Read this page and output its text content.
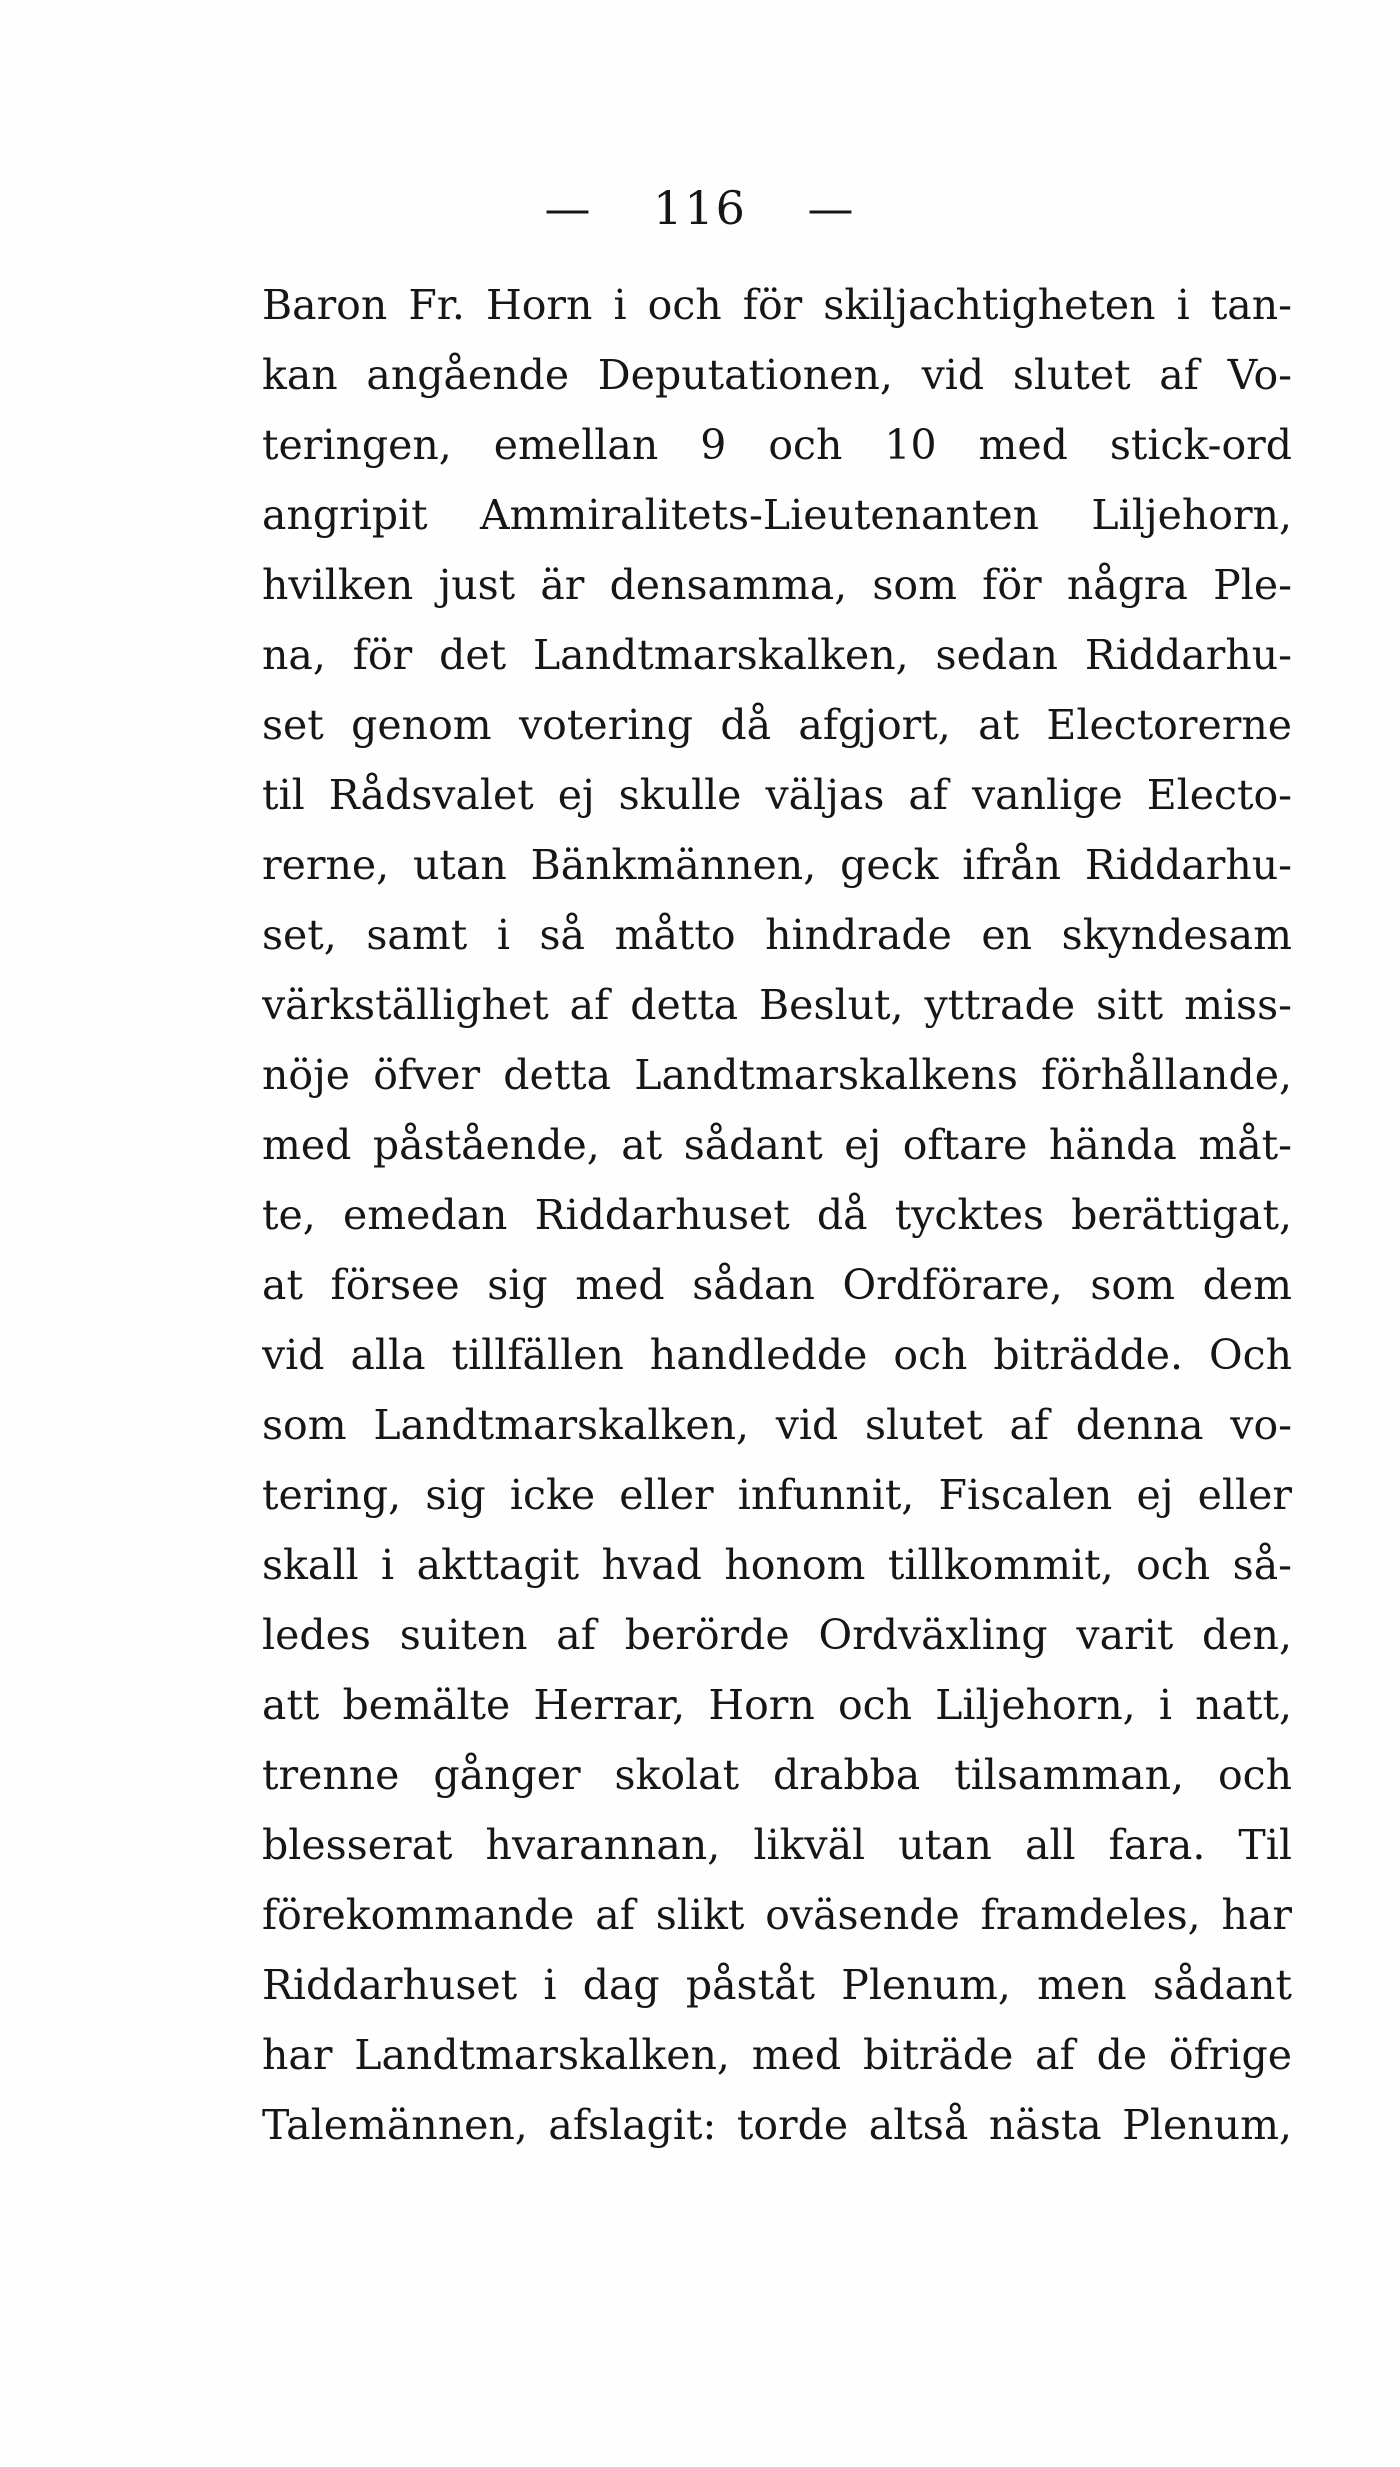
— 116 —
Baron Fr. Horn i och för skiljachtigheten i tan-
kan angående Deputationen, vid slutet af Vo-
teringen, emellan 9 och 10 med stick-ord
angripit Ammiralitets-Lieutenanten Liljehorn,
hvilken just är densamma, som för några Ple-
na, för det Landtmarskalken, sedan Riddarhu-
set genom votering då afgjort, at Electorerne
til Rådsvalet ej skulle väljas af vanlige Electo-
rerne, utan Bänkmännen, geck ifrån Riddarhu-
set, samt i så måtto hindrade en skyndesam
värkställighet af detta Beslut, yttrade sitt miss-
nöje öfver detta Landtmarskalkens förhållande,
med påstående, at sådant ej oftare hända måt-
te, emedan Riddarhuset då tycktes berättigat,
at försee sig med sådan Ordförare, som dem
vid alla tillfällen handledde och biträdde. Och
som Landtmarskalken, vid slutet af denna vo-
tering, sig icke eller infunnit, Fiscalen ej eller
skall i akttagit hvad honom tillkommit, och så-
ledes suiten af berörde Ordväxling varit den,
att bemälte Herrar, Horn och Liljehorn, i natt,
trenne gånger skolat drabba tilsamman, och
blesserat hvarannan, likväl utan all fara. Til
förekommande af slikt oväsende framdeles, har
Riddarhuset i dag påståt Plenum, men sådant
har Landtmarskalken, med biträde af de öfrige
Talemännen, afslagit: torde altså nästa Plenum,
